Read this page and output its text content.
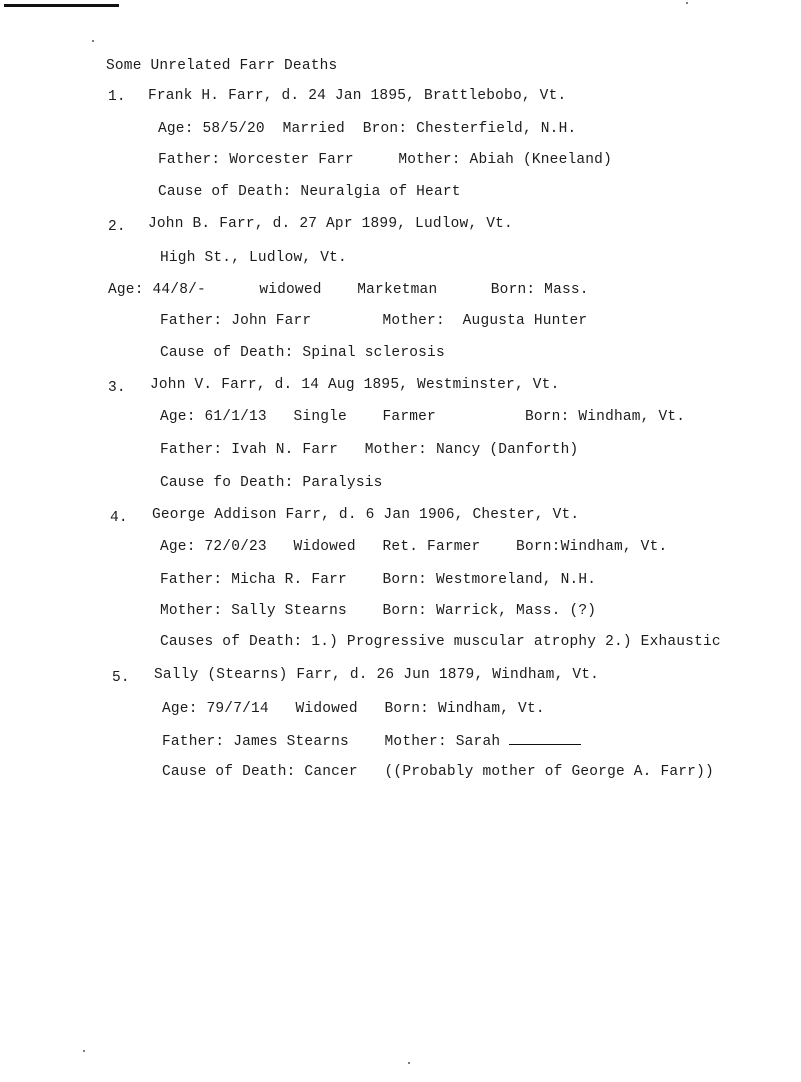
Some Unrelated Farr Deaths
1. Frank H. Farr, d. 24 Jan 1895, Brattlebobo, Vt.
Age: 58/5/20  Married  Bron: Chesterfield, N.H.
Father: Worcester Farr     Mother: Abiah (Kneeland)
Cause of Death: Neuralgia of Heart
2. John B. Farr, d. 27 Apr 1899, Ludlow, Vt.
High St., Ludlow, Vt.
Age: 44/8/-      widowed    Marketman      Born: Mass.
Father: John Farr        Mother:  Augusta Hunter
Cause of Death: Spinal sclerosis
3. John V. Farr, d. 14 Aug 1895, Westminster, Vt.
Age: 61/1/13   Single    Farmer          Born: Windham, Vt.
Father: Ivah N. Farr   Mother: Nancy (Danforth)
Cause fo Death: Paralysis
4. George Addison Farr, d. 6 Jan 1906, Chester, Vt.
Age: 72/0/23   Widowed   Ret. Farmer    Born:Windham, Vt.
Father: Micha R. Farr    Born: Westmoreland, N.H.
Mother: Sally Stearns    Born: Warrick, Mass. (?)
Causes of Death: 1.) Progressive muscular atrophy 2.) Exhaustic
5. Sally (Stearns) Farr, d. 26 Jun 1879, Windham, Vt.
Age: 79/7/14   Widowed   Born: Windham, Vt.
Father: James Stearns    Mother: Sarah
Cause of Death: Cancer   ((Probably mother of George A. Farr))
